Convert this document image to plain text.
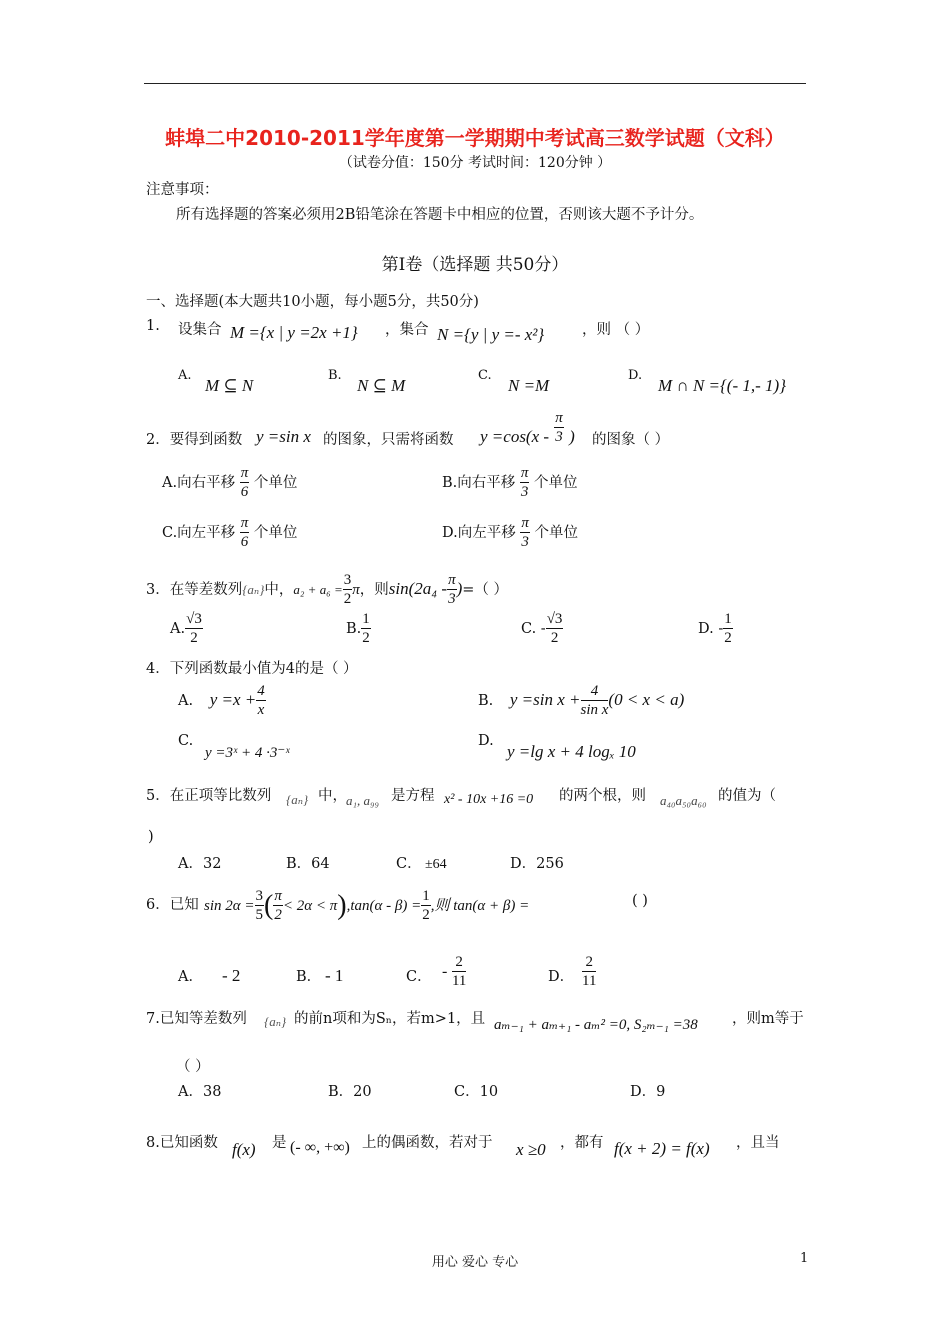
蚌埠二中2010-2011学年度第一学期期中考试高三数学试题（文科）
（试卷分值：150分 考试时间：120分钟 ）
注意事项：
所有选择题的答案必须用2B铅笔涂在答题卡中相应的位置，否则该大题不予计分。
第Ⅰ卷（选择题 共50分）
一、选择题(本大题共10小题，每小题5分，共50分)
1. 设集合 M ={x | y =2x +1} ，集合 N ={y | y =- x²}	，则 （ ）
A.
M ⊆ N
B.
N ⊆ M
C.
N =M
D.
M ∩ N ={(- 1,- 1)}
2．要得到函数 y =sin x 的图象，只需将函数 $y =\cos(x - \frac{\pi}{3}$ ) 的图象（ ）
A.向右平移 $\frac{\pi}{6}$ 个单位	B.向右平移 $\frac{\pi}{3}$ 个单位
C.向左平移 $\frac{\pi}{6}$ 个单位	D.向左平移 $\frac{\pi}{3}$ 个单位
3．在等差数列{aₙ}中，$a_2 + a_6 = \frac{3}{2}$ π，则$\sin(2a_4 - \frac{\pi}{3}$ )=（ ）
A. $\frac{√3}{2}$	B. $\frac{1}{2}$	C. - $\frac{√3}{2}$	D. - $\frac{1}{2}$
4．下列函数最小值为4的是（ ）
A. $y =x + \frac{4}{x}$	B. y =sin $x + \frac{4}{\text{sin x}} (0 < x < a)$
C.
y =3ˣ + 4 ·3⁻ˣ
D.
y =lg x + 4 logₓ 10
5．在正项等比数列 {aₙ} 中， a₁, a₉₉ 是方程 x² - 10x +16 =0 的两个根，则 a₄₀a₅₀a₆₀ 的值为（
)
A．32	B．64	C． ±64	D．256
6．已知 $\sin 2\alpha = \frac{3}{5}$ ( $\frac{\pi}{2} < 2\alpha < \pi),\tan(\alpha - \beta) = \frac{1}{2}$ ,则 tan(α + β) =	( )
A． - 2	B． - 1	C． - $\frac{2}{11}$	D． $\frac{2}{11}$
7.已知等差数列 {aₙ} 的前n项和为Sₙ，若m>1，且 aₘ₋₁ + aₘ₊₁ - aₘ² =0, S₂ₘ₋₁ =38 ，则m等于
（ ）
A．38	B．20	C．10	D．9
8.已知函数 f(x) 是 (- ∞, +∞) 上的偶函数，若对于 x ≥0 ，都有 f(x + 2) = f(x) ，且当
用心 爱心 专心	1
